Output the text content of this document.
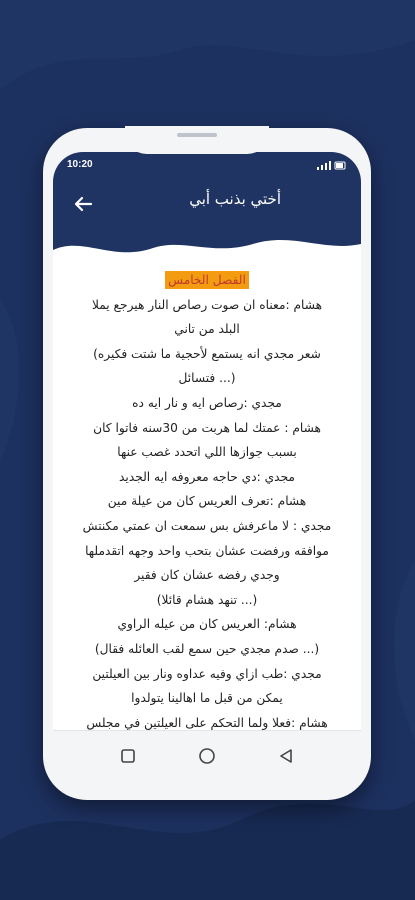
10:20
أختي بذنب أبي
الفصل الخامس
هشام :معناه ان صوت رصاص النار هيرجع يملا
البلد من تاني
شعر مجدي انه يستمع لأحجية ما شتت فكيره)
(... فتسائل
مجدي :رصاص ايه و نار ايه ده
هشام : عمتك لما هربت من 30سنه فاتوا كان
بسبب جوازها اللي اتحدد غصب عنها
مجدي :دي حاجه معروفه ايه الجديد
هشام :تعرف العريس كان من عيلة مين
مجدي : لا ماعرفش بس سمعت ان عمتي مكنتش
موافقه ورفضت عشان بتحب واحد وجهه اتقدملها
وجدي رفضه عشان كان فقير
(... تنهد هشام قائلا)
هشام: العريس كان من عيله الراوي
(... صدم مجدي حين سمع لقب العائله فقال)
مجدي :طب ازاي وفيه عداوه ونار بين العيلتين
يمكن من قبل ما اهالينا يتولدوا
هشام :فعلا ولما التحكم على العيلتين في مجلس
